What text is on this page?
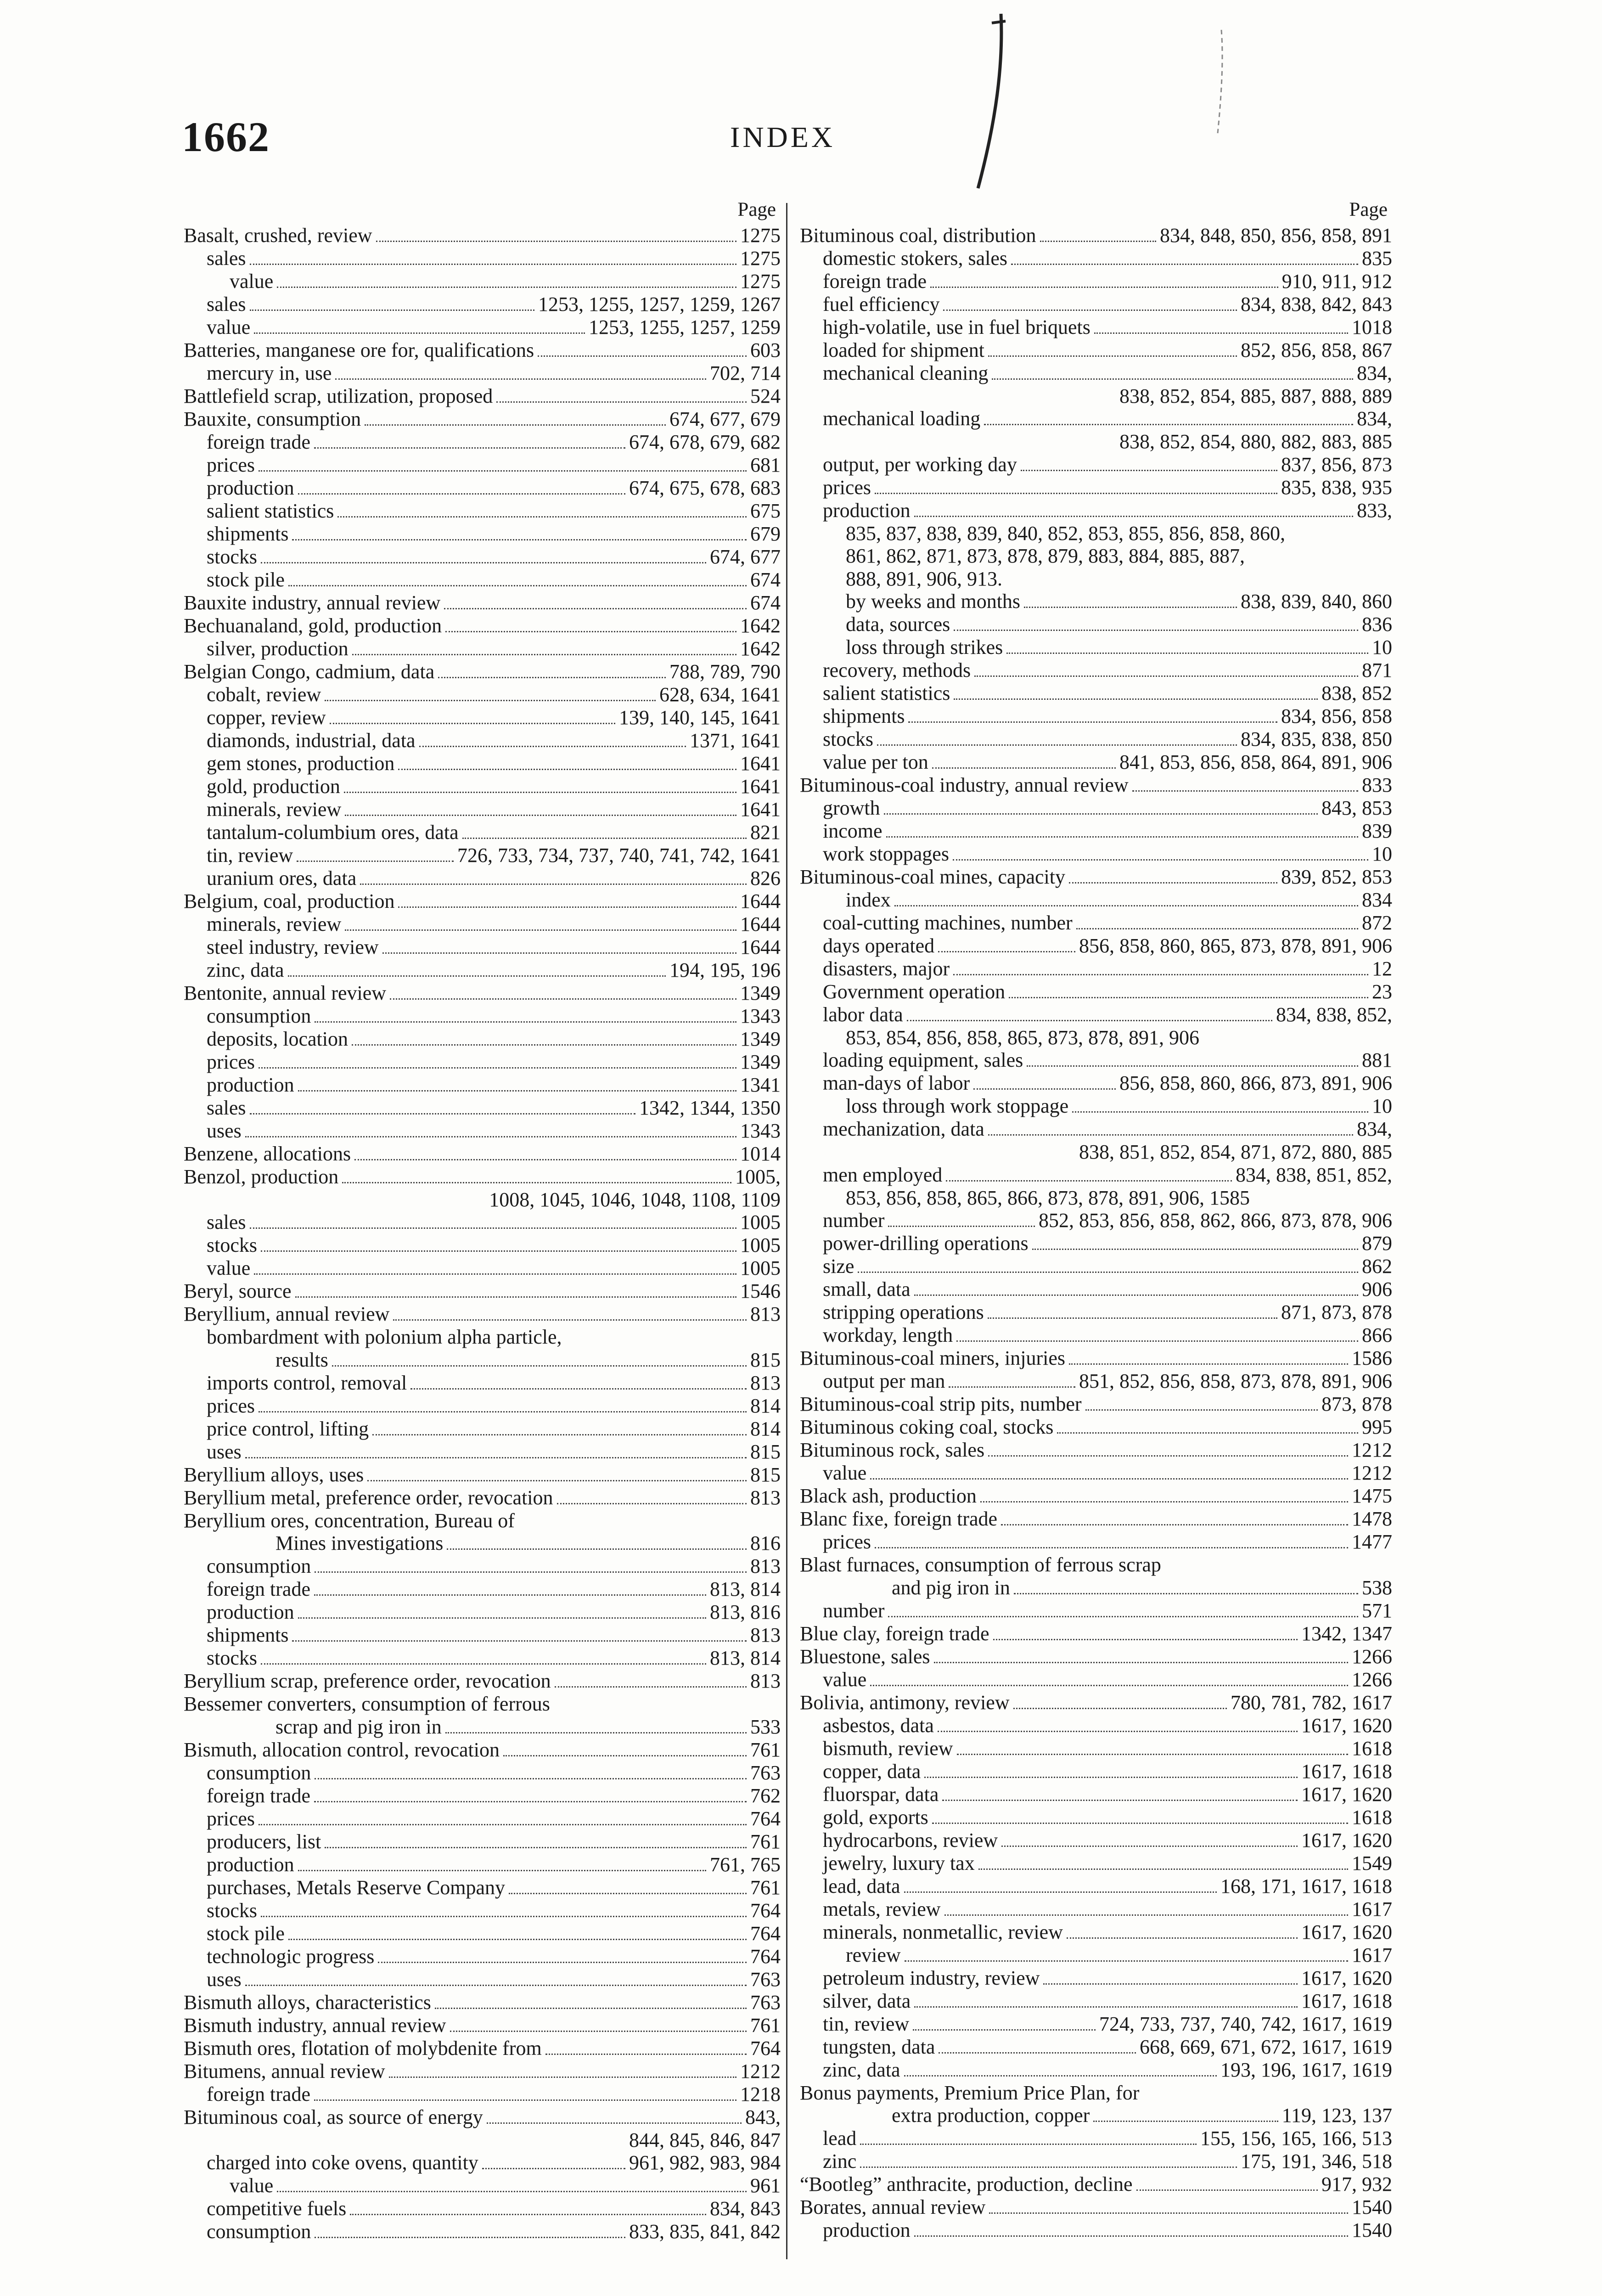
1662	INDEX
Page
Basalt, crushed, review	1275
sales	1275
value	1275
sales	1253, 1255, 1257, 1259, 1267
value	1253, 1255, 1257, 1259
Batteries, manganese ore for, qualifications	603
mercury in, use	702, 714
Battlefield scrap, utilization, proposed	524
Bauxite, consumption	674, 677, 679
foreign trade	674, 678, 679, 682
prices	681
production	674, 675, 678, 683
salient statistics	675
shipments	679
stocks	674, 677
stock pile	674
Bauxite industry, annual review	674
Bechuanaland, gold, production	1642
silver, production	1642
Belgian Congo, cadmium, data	788, 789, 790
cobalt, review	628, 634, 1641
copper, review	139, 140, 145, 1641
diamonds, industrial, data	1371, 1641
gem stones, production	1641
gold, production	1641
minerals, review	1641
tantalum-columbium ores, data	821
tin, review	726, 733, 734, 737, 740, 741, 742, 1641
uranium ores, data	826
Belgium, coal, production	1644
minerals, review	1644
steel industry, review	1644
zinc, data	194, 195, 196
Bentonite, annual review	1349
consumption	1343
deposits, location	1349
prices	1349
production	1341
sales	1342, 1344, 1350
uses	1343
Benzene, allocations	1014
Benzol, production	1005,
1008, 1045, 1046, 1048, 1108, 1109
sales	1005
stocks	1005
value	1005
Beryl, source	1546
Beryllium, annual review	813
bombardment with polonium alpha particle,
results	815
imports control, removal	813
prices	814
price control, lifting	814
uses	815
Beryllium alloys, uses	815
Beryllium metal, preference order, revocation	813
Beryllium ores, concentration, Bureau of
Mines investigations	816
consumption	813
foreign trade	813, 814
production	813, 816
shipments	813
stocks	813, 814
Beryllium scrap, preference order, revocation	813
Bessemer converters, consumption of ferrous
scrap and pig iron in	533
Bismuth, allocation control, revocation	761
consumption	763
foreign trade	762
prices	764
producers, list	761
production	761, 765
purchases, Metals Reserve Company	761
stocks	764
stock pile	764
technologic progress	764
uses	763
Bismuth alloys, characteristics	763
Bismuth industry, annual review	761
Bismuth ores, flotation of molybdenite from	764
Bitumens, annual review	1212
foreign trade	1218
Bituminous coal, as source of energy	843,
844, 845, 846, 847
charged into coke ovens, quantity	961, 982, 983, 984
value	961
competitive fuels	834, 843
consumption	833, 835, 841, 842
Page
Bituminous coal, distribution	834, 848, 850, 856, 858, 891
domestic stokers, sales	835
foreign trade	910, 911, 912
fuel efficiency	834, 838, 842, 843
high-volatile, use in fuel briquets	1018
loaded for shipment	852, 856, 858, 867
mechanical cleaning	834,
838, 852, 854, 885, 887, 888, 889
mechanical loading	834,
838, 852, 854, 880, 882, 883, 885
output, per working day	837, 856, 873
prices	835, 838, 935
production	833,
835, 837, 838, 839, 840, 852, 853, 855, 856, 858, 860,
861, 862, 871, 873, 878, 879, 883, 884, 885, 887,
888, 891, 906, 913.
by weeks and months	838, 839, 840, 860
data, sources	836
loss through strikes	10
recovery, methods	871
salient statistics	838, 852
shipments	834, 856, 858
stocks	834, 835, 838, 850
value per ton	841, 853, 856, 858, 864, 891, 906
Bituminous-coal industry, annual review	833
growth	843, 853
income	839
work stoppages	10
Bituminous-coal mines, capacity	839, 852, 853
index	834
coal-cutting machines, number	872
days operated	856, 858, 860, 865, 873, 878, 891, 906
disasters, major	12
Government operation	23
labor data	834, 838, 852,
853, 854, 856, 858, 865, 873, 878, 891, 906
loading equipment, sales	881
man-days of labor	856, 858, 860, 866, 873, 891, 906
loss through work stoppage	10
mechanization, data	834,
838, 851, 852, 854, 871, 872, 880, 885
men employed	834, 838, 851, 852,
853, 856, 858, 865, 866, 873, 878, 891, 906, 1585
number	852, 853, 856, 858, 862, 866, 873, 878, 906
power-drilling operations	879
size	862
small, data	906
stripping operations	871, 873, 878
workday, length	866
Bituminous-coal miners, injuries	1586
output per man	851, 852, 856, 858, 873, 878, 891, 906
Bituminous-coal strip pits, number	873, 878
Bituminous coking coal, stocks	995
Bituminous rock, sales	1212
value	1212
Black ash, production	1475
Blanc fixe, foreign trade	1478
prices	1477
Blast furnaces, consumption of ferrous scrap
and pig iron in	538
number	571
Blue clay, foreign trade	1342, 1347
Bluestone, sales	1266
value	1266
Bolivia, antimony, review	780, 781, 782, 1617
asbestos, data	1617, 1620
bismuth, review	1618
copper, data	1617, 1618
fluorspar, data	1617, 1620
gold, exports	1618
hydrocarbons, review	1617, 1620
jewelry, luxury tax	1549
lead, data	168, 171, 1617, 1618
metals, review	1617
minerals, nonmetallic, review	1617, 1620
review	1617
petroleum industry, review	1617, 1620
silver, data	1617, 1618
tin, review	724, 733, 737, 740, 742, 1617, 1619
tungsten, data	668, 669, 671, 672, 1617, 1619
zinc, data	193, 196, 1617, 1619
Bonus payments, Premium Price Plan, for
extra production, copper	119, 123, 137
lead	155, 156, 165, 166, 513
zinc	175, 191, 346, 518
“Bootleg” anthracite, production, decline	917, 932
Borates, annual review	1540
production	1540
